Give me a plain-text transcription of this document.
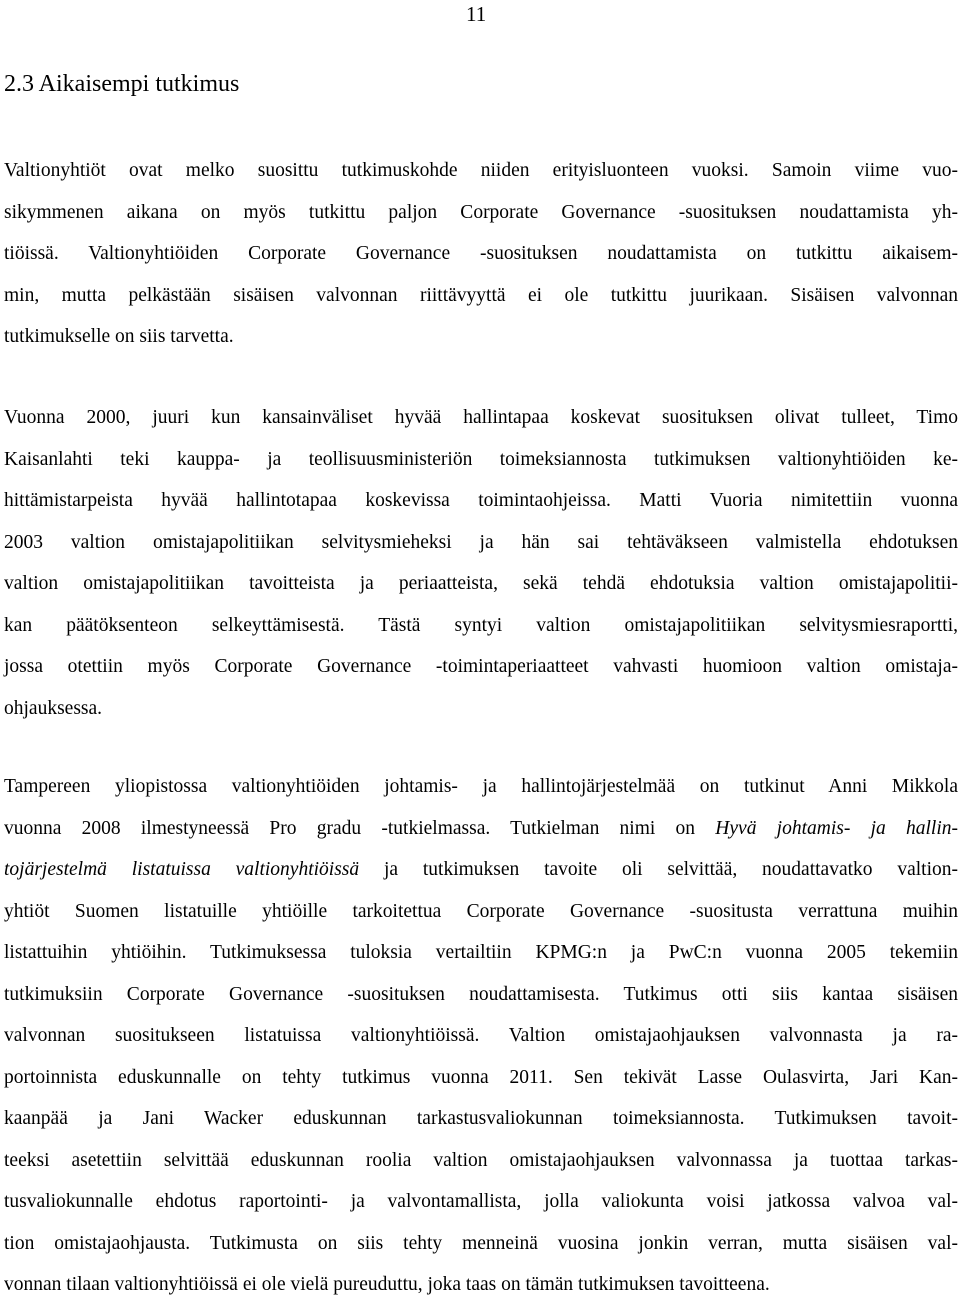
11
2.3 Aikaisempi tutkimus

Valtionyhtiöt ovat melko suosittu tutkimuskohde niiden erityisluonteen vuoksi. Samoin viime vuo-
sikymmenen aikana on myös tutkittu paljon Corporate Governance -suosituksen noudattamista yh-
tiöissä. Valtionyhtiöiden Corporate Governance -suosituksen noudattamista on tutkittu aikaisem-
min, mutta pelkästään sisäisen valvonnan riittävyyttä ei ole tutkittu juurikaan. Sisäisen valvonnan
tutkimukselle on siis tarvetta.

Vuonna 2000, juuri kun kansainväliset hyvää hallintapaa koskevat suosituksen olivat tulleet, Timo
Kaisanlahti teki kauppa- ja teollisuusministeriön toimeksiannosta tutkimuksen valtionyhtiöiden ke-
hittämistarpeista hyvää hallintotapaa koskevissa toimintaohjeissa. Matti Vuoria nimitettiin vuonna
2003 valtion omistajapolitiikan selvitysmieheksi ja hän sai tehtäväkseen valmistella ehdotuksen
valtion omistajapolitiikan tavoitteista ja periaatteista, sekä tehdä ehdotuksia valtion omistajapolitii-
kan päätöksenteon selkeyttämisestä. Tästä syntyi valtion omistajapolitiikan selvitysmiesraportti,
jossa otettiin myös Corporate Governance -toimintaperiaatteet vahvasti huomioon valtion omistaja-
ohjauksessa.

Tampereen yliopistossa valtionyhtiöiden johtamis- ja hallintojärjestelmää on tutkinut Anni Mikkola
vuonna 2008 ilmestyneessä Pro gradu -tutkielmassa. Tutkielman nimi on Hyvä johtamis- ja hallin-
tojärjestelmä listatuissa valtionyhtiöissä ja tutkimuksen tavoite oli selvittää, noudattavatko valtion-
yhtiöt Suomen listatuille yhtiöille tarkoitettua Corporate Governance -suositusta verrattuna muihin
listattuihin yhtiöihin. Tutkimuksessa tuloksia vertailtiin KPMG:n ja PwC:n vuonna 2005 tekemiin
tutkimuksiin Corporate Governance -suosituksen noudattamisesta. Tutkimus otti siis kantaa sisäisen
valvonnan suositukseen listatuissa valtionyhtiöissä. Valtion omistajaohjauksen valvonnasta ja ra-
portoinnista eduskunnalle on tehty tutkimus vuonna 2011. Sen tekivät Lasse Oulasvirta, Jari Kan-
kaanpää ja Jani Wacker eduskunnan tarkastusvaliokunnan toimeksiannosta. Tutkimuksen tavoit-
teeksi asetettiin selvittää eduskunnan roolia valtion omistajaohjauksen valvonnassa ja tuottaa tarkas-
tusvaliokunnalle ehdotus raportointi- ja valvontamallista, jolla valiokunta voisi jatkossa valvoa val-
tion omistajaohjausta. Tutkimusta on siis tehty menneinä vuosina jonkin verran, mutta sisäisen val-
vonnan tilaan valtionyhtiöissä ei ole vielä pureuduttu, joka taas on tämän tutkimuksen tavoitteena.
